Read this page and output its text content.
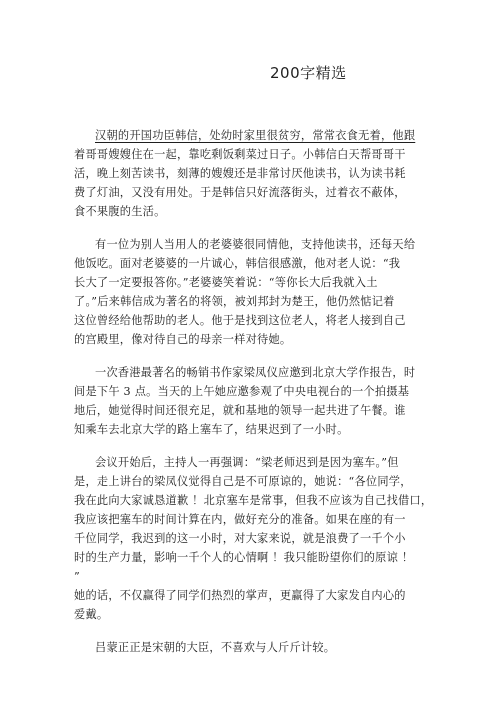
200字精选
汉朝的开国功臣韩信，处幼时家里很贫穷，常常衣食无着，他跟
着哥哥嫂嫂住在一起，靠吃剩饭剩菜过日子。小韩信白天帮哥哥干
活，晚上刻苦读书，刻薄的嫂嫂还是非常讨厌他读书，认为读书耗
费了灯油，又没有用处。于是韩信只好流落街头，过着衣不蔽体，
食不果腹的生活。
有一位为别人当用人的老婆婆很同情他，支持他读书，还每天给
他饭吃。面对老婆婆的一片诚心，韩信很感激，他对老人说：“我
长大了一定要报答你。”老婆婆笑着说：“等你长大后我就入土
了。”后来韩信成为著名的将领，被刘邦封为楚王，他仍然惦记着
这位曾经给他帮助的老人。他于是找到这位老人，将老人接到自己
的宫殿里，像对待自己的母亲一样对待她。
一次香港最著名的畅销书作家梁凤仪应邀到北京大学作报告，时
间是下午 3 点。当天的上午她应邀参观了中央电视台的一个拍摄基
地后，她觉得时间还很充足，就和基地的领导一起共进了午餐。谁
知乘车去北京大学的路上塞车了，结果迟到了一小时。
会议开始后，主持人一再强调：“梁老师迟到是因为塞车。”但
是，走上讲台的梁凤仪觉得自己是不可原谅的，她说：“各位同学，
我在此向大家诚恳道歉 ！北京塞车是常事，但我不应该为自己找借口，
我应该把塞车的时间计算在内，做好充分的准备。如果在座的有一
千位同学，我迟到的这一小时，对大家来说，就是浪费了一千个小
时的生产力量，影响一千个人的心情啊 ！我只能盼望你们的原谅 ！
”
她的话，不仅赢得了同学们热烈的掌声，更赢得了大家发自内心的
爱戴。
吕蒙正正是宋朝的大臣，不喜欢与人斤斤计较。
